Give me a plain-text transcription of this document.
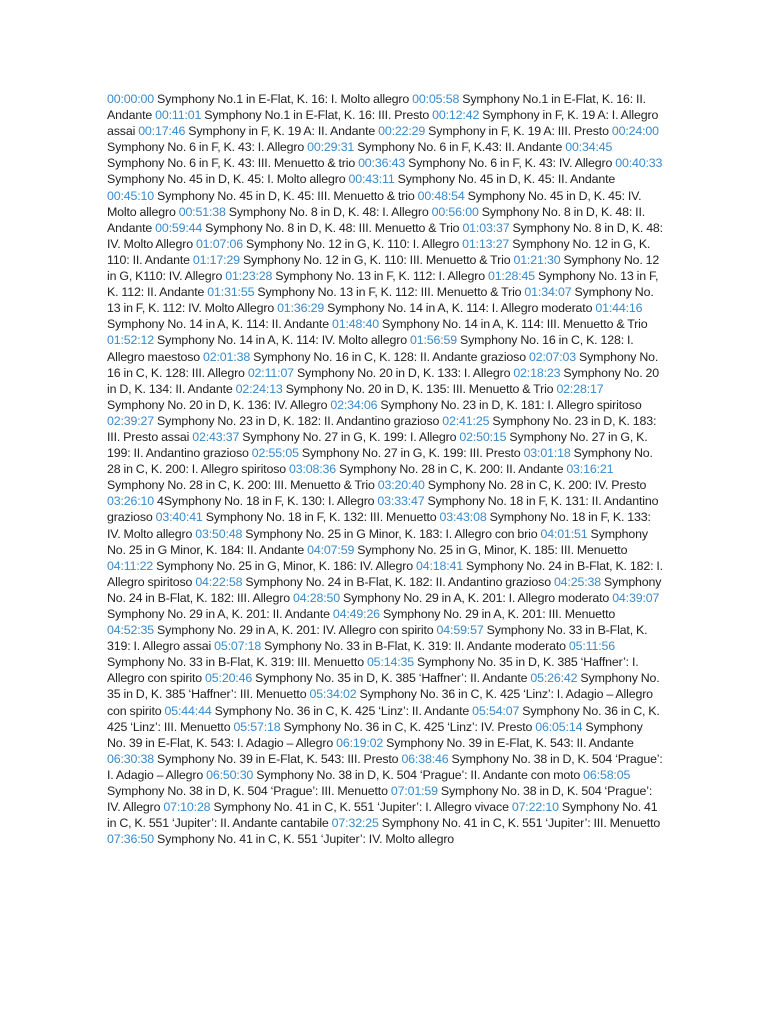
00:00:00 Symphony No.1 in E-Flat, K. 16: I. Molto allegro 00:05:58 Symphony No.1 in E-Flat, K. 16: II. Andante 00:11:01 Symphony No.1 in E-Flat, K. 16: III. Presto 00:12:42 Symphony in F, K. 19 A: I. Allegro assai 00:17:46 Symphony in F, K. 19 A: II. Andante 00:22:29 Symphony in F, K. 19 A: III. Presto 00:24:00 Symphony No. 6 in F, K. 43: I. Allegro 00:29:31 Symphony No. 6 in F, K.43: II. Andante 00:34:45 Symphony No. 6 in F, K. 43: III. Menuetto & trio 00:36:43 Symphony No. 6 in F, K. 43: IV. Allegro 00:40:33 Symphony No. 45 in D, K. 45: I. Molto allegro 00:43:11 Symphony No. 45 in D, K. 45: II. Andante 00:45:10 Symphony No. 45 in D, K. 45: III. Menuetto & trio 00:48:54 Symphony No. 45 in D, K. 45: IV. Molto allegro 00:51:38 Symphony No. 8 in D, K. 48: I. Allegro 00:56:00 Symphony No. 8 in D, K. 48: II. Andante 00:59:44 Symphony No. 8 in D, K. 48: III. Menuetto & Trio 01:03:37 Symphony No. 8 in D, K. 48: IV. Molto Allegro 01:07:06 Symphony No. 12 in G, K. 110: I. Allegro 01:13:27 Symphony No. 12 in G, K. 110: II. Andante 01:17:29 Symphony No. 12 in G, K. 110: III. Menuetto & Trio 01:21:30 Symphony No. 12 in G, K110: IV. Allegro 01:23:28 Symphony No. 13 in F, K. 112: I. Allegro 01:28:45 Symphony No. 13 in F, K. 112: II. Andante 01:31:55 Symphony No. 13 in F, K. 112: III. Menuetto & Trio 01:34:07 Symphony No. 13 in F, K. 112: IV. Molto Allegro 01:36:29 Symphony No. 14 in A, K. 114: I. Allegro moderato 01:44:16 Symphony No. 14 in A, K. 114: II. Andante 01:48:40 Symphony No. 14 in A, K. 114: III. Menuetto & Trio 01:52:12 Symphony No. 14 in A, K. 114: IV. Molto allegro 01:56:59 Symphony No. 16 in C, K. 128: I. Allegro maestoso 02:01:38 Symphony No. 16 in C, K. 128: II. Andante grazioso 02:07:03 Symphony No. 16 in C, K. 128: III. Allegro 02:11:07 Symphony No. 20 in D, K. 133: I. Allegro 02:18:23 Symphony No. 20 in D, K. 134: II. Andante 02:24:13 Symphony No. 20 in D, K. 135: III. Menuetto & Trio 02:28:17 Symphony No. 20 in D, K. 136: IV. Allegro 02:34:06 Symphony No. 23 in D, K. 181: I. Allegro spiritoso 02:39:27 Symphony No. 23 in D, K. 182: II. Andantino grazioso 02:41:25 Symphony No. 23 in D, K. 183: III. Presto assai 02:43:37 Symphony No. 27 in G, K. 199: I. Allegro 02:50:15 Symphony No. 27 in G, K. 199: II. Andantino grazioso 02:55:05 Symphony No. 27 in G, K. 199: III. Presto 03:01:18 Symphony No. 28 in C, K. 200: I. Allegro spiritoso 03:08:36 Symphony No. 28 in C, K. 200: II. Andante 03:16:21 Symphony No. 28 in C, K. 200: III. Menuetto & Trio 03:20:40 Symphony No. 28 in C, K. 200: IV. Presto 03:26:10 4Symphony No. 18 in F, K. 130: I. Allegro 03:33:47 Symphony No. 18 in F, K. 131: II. Andantino grazioso 03:40:41 Symphony No. 18 in F, K. 132: III. Menuetto 03:43:08 Symphony No. 18 in F, K. 133: IV. Molto allegro 03:50:48 Symphony No. 25 in G Minor, K. 183: I. Allegro con brio 04:01:51 Symphony No. 25 in G Minor, K. 184: II. Andante 04:07:59 Symphony No. 25 in G, Minor, K. 185: III. Menuetto 04:11:22 Symphony No. 25 in G, Minor, K. 186: IV. Allegro 04:18:41 Symphony No. 24 in B-Flat, K. 182: I. Allegro spiritoso 04:22:58 Symphony No. 24 in B-Flat, K. 182: II. Andantino grazioso 04:25:38 Symphony No. 24 in B-Flat, K. 182: III. Allegro 04:28:50 Symphony No. 29 in A, K. 201: I. Allegro moderato 04:39:07 Symphony No. 29 in A, K. 201: II. Andante 04:49:26 Symphony No. 29 in A, K. 201: III. Menuetto 04:52:35 Symphony No. 29 in A, K. 201: IV. Allegro con spirito 04:59:57 Symphony No. 33 in B-Flat, K. 319: I. Allegro assai 05:07:18 Symphony No. 33 in B-Flat, K. 319: II. Andante moderato 05:11:56 Symphony No. 33 in B-Flat, K. 319: III. Menuetto 05:14:35 Symphony No. 35 in D, K. 385 ‘Haffner’: I. Allegro con spirito 05:20:46 Symphony No. 35 in D, K. 385 ‘Haffner’: II. Andante 05:26:42 Symphony No. 35 in D, K. 385 ‘Haffner’: III. Menuetto 05:34:02 Symphony No. 36 in C, K. 425 ‘Linz’: I. Adagio – Allegro con spirito 05:44:44 Symphony No. 36 in C, K. 425 ‘Linz’: II. Andante 05:54:07 Symphony No. 36 in C, K. 425 ‘Linz’: III. Menuetto 05:57:18 Symphony No. 36 in C, K. 425 ‘Linz’: IV. Presto 06:05:14 Symphony No. 39 in E-Flat, K. 543: I. Adagio – Allegro 06:19:02 Symphony No. 39 in E-Flat, K. 543: II. Andante 06:30:38 Symphony No. 39 in E-Flat, K. 543: III. Presto 06:38:46 Symphony No. 38 in D, K. 504 ‘Prague’: I. Adagio – Allegro 06:50:30 Symphony No. 38 in D, K. 504 ‘Prague’: II. Andante con moto 06:58:05 Symphony No. 38 in D, K. 504 ‘Prague’: III. Menuetto 07:01:59 Symphony No. 38 in D, K. 504 ‘Prague’: IV. Allegro 07:10:28 Symphony No. 41 in C, K. 551 ‘Jupiter’: I. Allegro vivace 07:22:10 Symphony No. 41 in C, K. 551 ‘Jupiter’: II. Andante cantabile 07:32:25 Symphony No. 41 in C, K. 551 ‘Jupiter’: III. Menuetto 07:36:50 Symphony No. 41 in C, K. 551 ‘Jupiter’: IV. Molto allegro
